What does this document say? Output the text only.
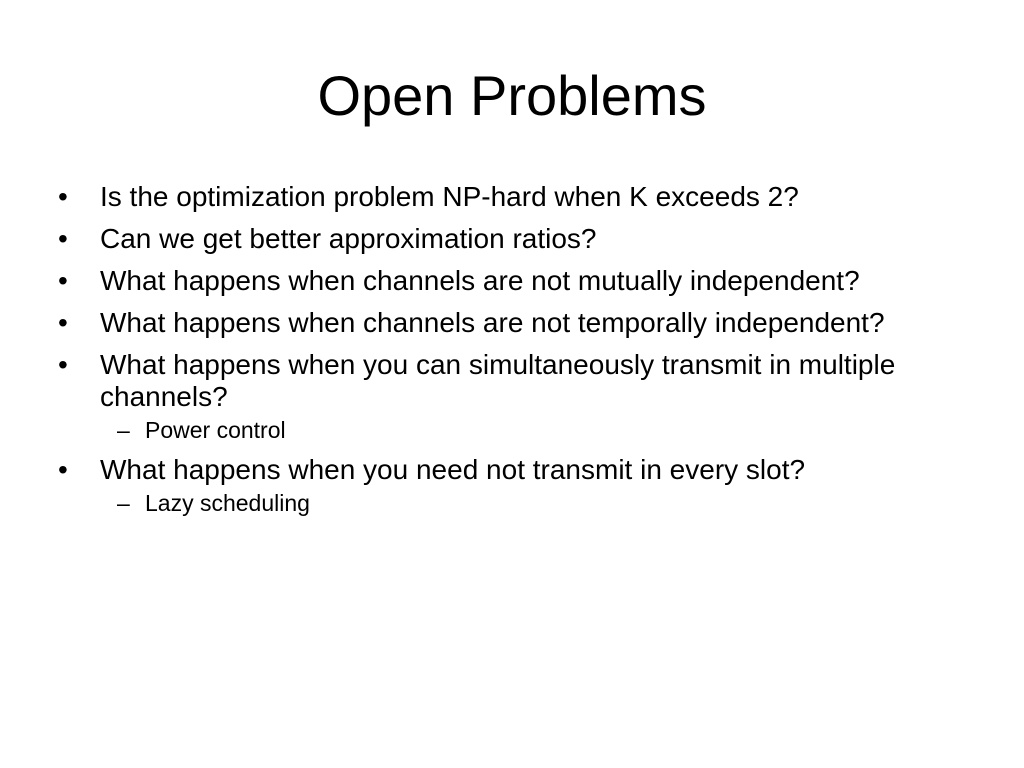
Open Problems
•	Is the optimization problem NP-hard when K exceeds 2?
•	Can we get better approximation ratios?
•	What happens when channels are not mutually independent?
•	What happens when channels are not temporally independent?
•	What happens when you can simultaneously transmit in multiple channels?
– Power control
•	What happens when you need not transmit in every slot?
– Lazy scheduling
